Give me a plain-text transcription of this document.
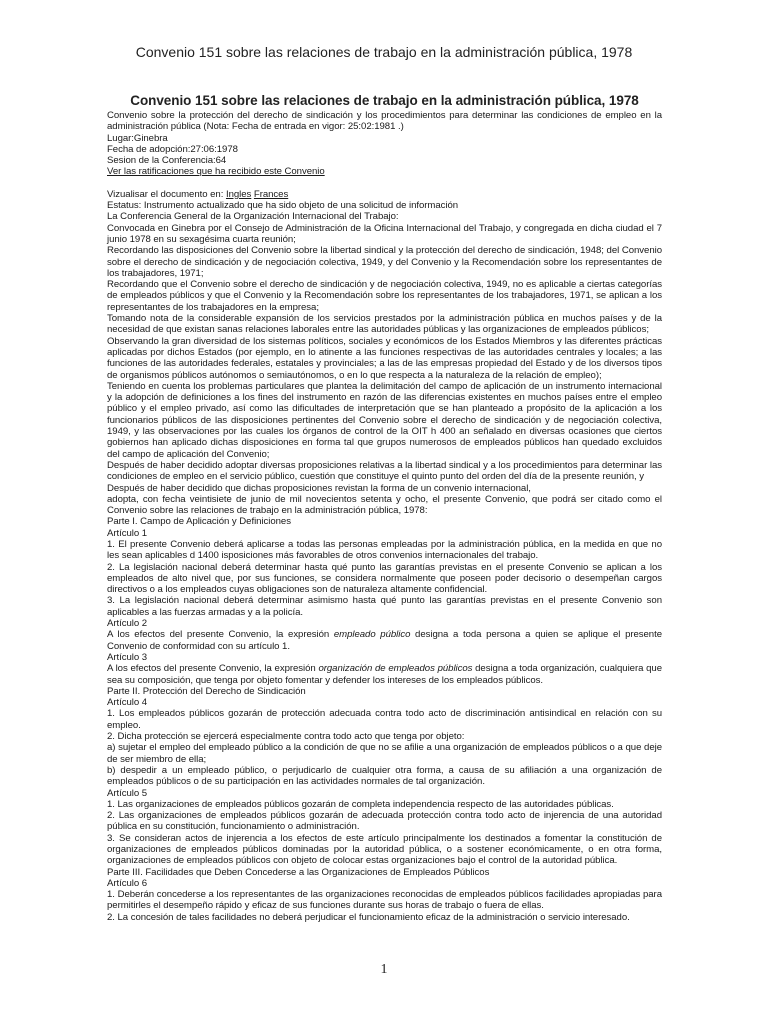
Convenio 151 sobre las relaciones de trabajo en la administración pública, 1978
Convenio 151 sobre las relaciones de trabajo en la administración pública, 1978

Convenio sobre la protección del derecho de sindicación y los procedimientos para determinar las condiciones de empleo en la administración pública (Nota: Fecha de entrada en vigor: 25:02:1981 .)

Lugar:Ginebra

Fecha de adopción:27:06:1978

Sesion de la Conferencia:64

Ver las ratificaciones que ha recibido este Convenio

Vizualisar el documento en: Ingles Frances

Estatus: Instrumento actualizado que ha sido objeto de una solicitud de información

La Conferencia General de la Organización Internacional del Trabajo:

Convocada en Ginebra por el Consejo de Administración de la Oficina Internacional del Trabajo, y congregada en dicha ciudad el 7 junio 1978 en su sexagésima cuarta reunión;

Recordando las disposiciones del Convenio sobre la libertad sindical y la protección del derecho de sindicación, 1948; del Convenio sobre el derecho de sindicación y de negociación colectiva, 1949, y del Convenio y la Recomendación sobre los representantes de los trabajadores, 1971;

Recordando que el Convenio sobre el derecho de sindicación y de negociación colectiva, 1949, no es aplicable a ciertas categorías de empleados públicos y que el Convenio y la Recomendación sobre los representantes de los trabajadores, 1971, se aplican a los representantes de los trabajadores en la empresa;

Tomando nota de la considerable expansión de los servicios prestados por la administración pública en muchos países y de la necesidad de que existan sanas relaciones laborales entre las autoridades públicas y las organizaciones de empleados públicos;

Observando la gran diversidad de los sistemas políticos, sociales y económicos de los Estados Miembros y las diferentes prácticas aplicadas por dichos Estados (por ejemplo, en lo atinente a las funciones respectivas de las autoridades centrales y locales; a las funciones de las autoridades federales, estatales y provinciales; a las de las empresas propiedad del Estado y de los diversos tipos de organismos públicos autónomos o semiautónomos, o en lo que respecta a la naturaleza de la relación de empleo);

Teniendo en cuenta los problemas particulares que plantea la delimitación del campo de aplicación de un instrumento internacional y la adopción de definiciones a los fines del instrumento en razón de las diferencias existentes en muchos países entre el empleo público y el empleo privado, así como las dificultades de interpretación que se han planteado a propósito de la aplicación a los funcionarios públicos de las disposiciones pertinentes del Convenio sobre el derecho de sindicación y de negociación colectiva, 1949, y las observaciones por las cuales los órganos de control de la OIT h 400 an señalado en diversas ocasiones que ciertos gobiernos han aplicado dichas disposiciones en forma tal que grupos numerosos de empleados públicos han quedado excluidos del campo de aplicación del Convenio;

Después de haber decidido adoptar diversas proposiciones relativas a la libertad sindical y a los procedimientos para determinar las condiciones de empleo en el servicio público, cuestión que constituye el quinto punto del orden del día de la presente reunión, y

Después de haber decidido que dichas proposiciones revistan la forma de un convenio internacional,

adopta, con fecha veintisiete de junio de mil novecientos setenta y ocho, el presente Convenio, que podrá ser citado como el Convenio sobre las relaciones de trabajo en la administración pública, 1978:

Parte I. Campo de Aplicación y Definiciones

Artículo 1

1. El presente Convenio deberá aplicarse a todas las personas empleadas por la administración pública, en la medida en que no les sean aplicables d 1400 isposiciones más favorables de otros convenios internacionales del trabajo.

2. La legislación nacional deberá determinar hasta qué punto las garantías previstas en el presente Convenio se aplican a los empleados de alto nivel que, por sus funciones, se considera normalmente que poseen poder decisorio o desempeñan cargos directivos o a los empleados cuyas obligaciones son de naturaleza altamente confidencial.

3. La legislación nacional deberá determinar asimismo hasta qué punto las garantías previstas en el presente Convenio son aplicables a las fuerzas armadas y a la policía.

Artículo 2

A los efectos del presente Convenio, la expresión empleado público designa a toda persona a quien se aplique el presente Convenio de conformidad con su artículo 1.

Artículo 3

A los efectos del presente Convenio, la expresión organización de empleados públicos designa a toda organización, cualquiera que sea su composición, que tenga por objeto fomentar y defender los intereses de los empleados públicos.

Parte II. Protección del Derecho de Sindicación

Artículo 4

1. Los empleados públicos gozarán de protección adecuada contra todo acto de discriminación antisindical en relación con su empleo.

2. Dicha protección se ejercerá especialmente contra todo acto que tenga por objeto:

a) sujetar el empleo del empleado público a la condición de que no se afilie a una organización de empleados públicos o a que deje de ser miembro de ella;

b) despedir a un empleado público, o perjudicarlo de cualquier otra forma, a causa de su afiliación a una organización de empleados públicos o de su participación en las actividades normales de tal organización.

Artículo 5

1. Las organizaciones de empleados públicos gozarán de completa independencia respecto de las autoridades públicas.

2. Las organizaciones de empleados públicos gozarán de adecuada protección contra todo acto de injerencia de una autoridad pública en su constitución, funcionamiento o administración.

3. Se consideran actos de injerencia a los efectos de este artículo principalmente los destinados a fomentar la constitución de organizaciones de empleados públicos dominadas por la autoridad pública, o a sostener económicamente, o en otra forma, organizaciones de empleados públicos con objeto de colocar estas organizaciones bajo el control de la autoridad pública.

Parte III. Facilidades que Deben Concederse a las Organizaciones de Empleados Públicos

Artículo 6

1. Deberán concederse a los representantes de las organizaciones reconocidas de empleados públicos facilidades apropiadas para permitirles el desempeño rápido y eficaz de sus funciones durante sus horas de trabajo o fuera de ellas.

2. La concesión de tales facilidades no deberá perjudicar el funcionamiento eficaz de la administración o servicio interesado.

1
